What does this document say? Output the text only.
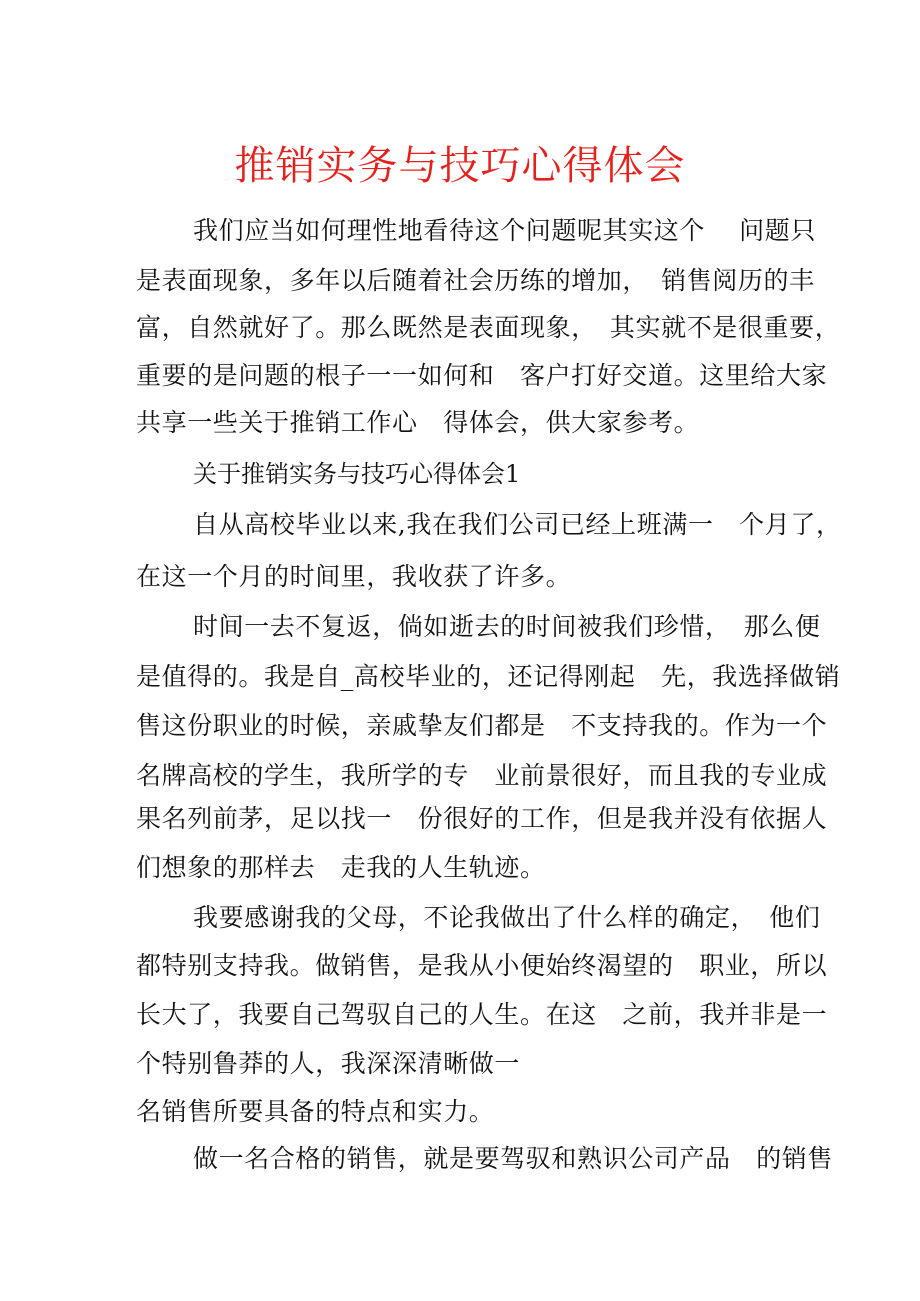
推销实务与技巧心得体会
我们应当如何理性地看待这个问题呢其实这个　 问题只
是表面现象，多年以后随着社会历练的增加，　销售阅历的丰
富，自然就好了。那么既然是表面现象，　其实就不是很重要，
重要的是问题的根子一一如何和　客户打好交道。这里给大家
共享一些关于推销工作心　得体会，供大家参考。
关于推销实务与技巧心得体会1
自从高校毕业以来,我在我们公司已经上班满一　个月了，
在这一个月的时间里，我收获了许多。
时间一去不复返，倘如逝去的时间被我们珍惜，　那么便
是值得的。我是自_高校毕业的，还记得刚起　先，我选择做销
售这份职业的时候，亲戚挚友们都是　不支持我的。作为一个
名牌高校的学生，我所学的专　业前景很好，而且我的专业成
果名列前茅，足以找一　份很好的工作，但是我并没有依据人
们想象的那样去　走我的人生轨迹。
我要感谢我的父母，不论我做出了什么样的确定，　他们
都特别支持我。做销售，是我从小便始终渴望的　职业，所以
长大了，我要自己驾驭自己的人生。在这　之前，我并非是一
个特别鲁莽的人，我深深清晰做一
名销售所要具备的特点和实力。
做一名合格的销售，就是要驾驭和熟识公司产品　的销售
